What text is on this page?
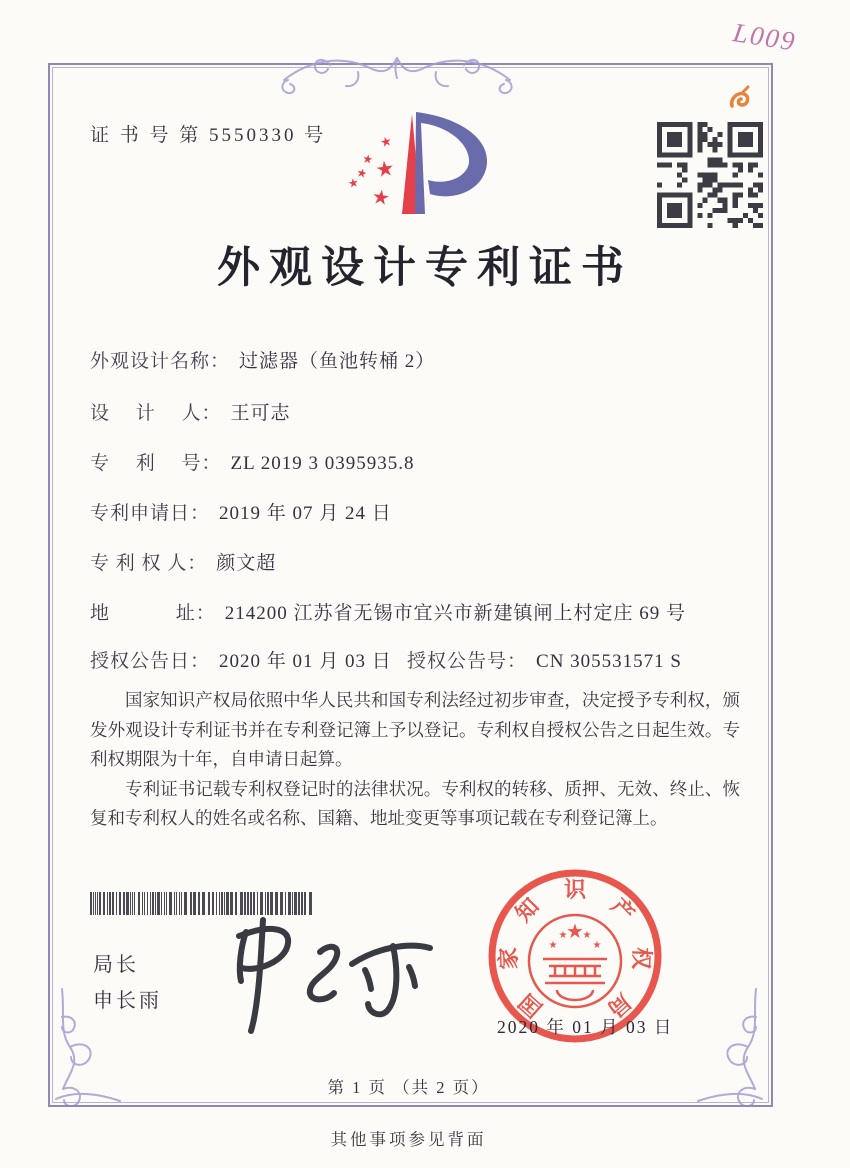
L009
证 书 号 第 5550330 号	★
★ ★
★
★
★
外观设计专利证书
外观设计名称： 过滤器（鱼池转桶 2）
设　 计　 人： 王可志
专　 利　 号： ZL 2019 3 0395935.8
专利申请日： 2019 年 07 月 24 日
专 利 权 人： 颜文超
地　　　 址： 214200 江苏省无锡市宜兴市新建镇闸上村定庄 69 号
授权公告日： 2020 年 01 月 03 日 授权公告号： CN 305531571 S

国家知识产权局依照中华人民共和国专利法经过初步审查，决定授予专利权，颁发外观设计专利证书并在专利登记簿上予以登记。专利权自授权公告之日起生效。专利权期限为十年，自申请日起算。

专利证书记载专利权登记时的法律状况。专利权的转移、质押、无效、终止、恢复和专利权人的姓名或名称、国籍、地址变更等事项记载在专利登记簿上。

局长
申长雨	国
家
知
识
产
权
局
★
★
★ ★
★
2020 年 01 月 03 日
第 1 页 （共 2 页）
其他事项参见背面
